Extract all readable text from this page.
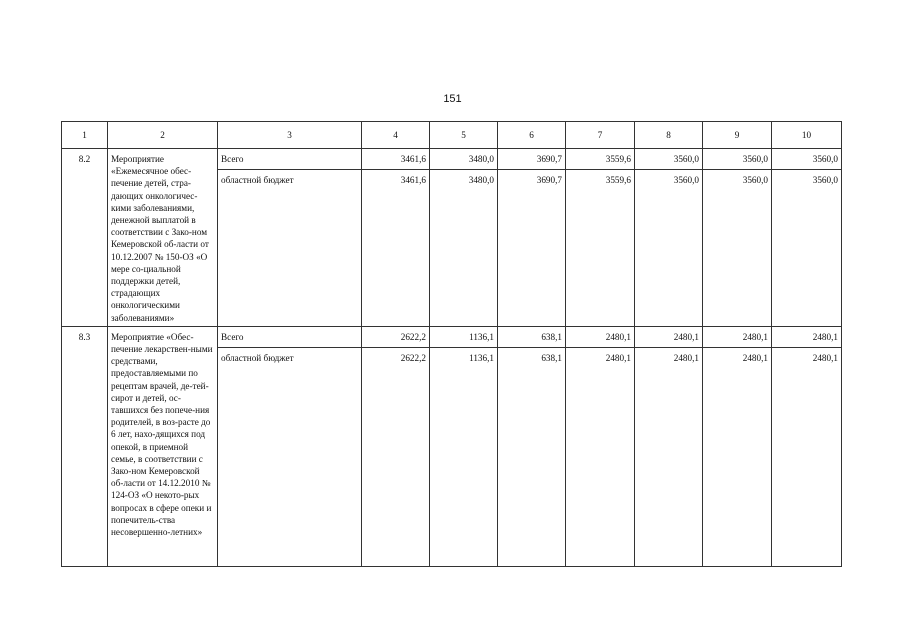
151
1	2	3	4	5	6	7	8	9	10
8.2	Мероприятие «Ежемесячное обес-печение детей, стра-дающих онкологичес-кими заболеваниями, денежной выплатой в соответствии с Зако-ном Кемеровской об-ласти от 10.12.2007 № 150-ОЗ «О мере со-циальной поддержки детей, страдающих онкологическими заболеваниями»	Всего	3461,6	3480,0	3690,7	3559,6	3560,0	3560,0	3560,0
		областной бюджет	3461,6	3480,0	3690,7	3559,6	3560,0	3560,0	3560,0
8.3	Мероприятие «Обес-печение лекарствен-ными средствами, предоставляемыми по рецептам врачей, де-тей-сирот и детей, ос-тавшихся без попече-ния родителей, в воз-расте до 6 лет, нахо-дящихся под опекой, в приемной семье, в соответствии с Зако-ном Кемеровской об-ласти от 14.12.2010 № 124-ОЗ «О некото-рых вопросах в сфере опеки и попечитель-ства несовершенно-летних»	Всего	2622,2	1136,1	638,1	2480,1	2480,1	2480,1	2480,1
		областной бюджет	2622,2	1136,1	638,1	2480,1	2480,1	2480,1	2480,1
